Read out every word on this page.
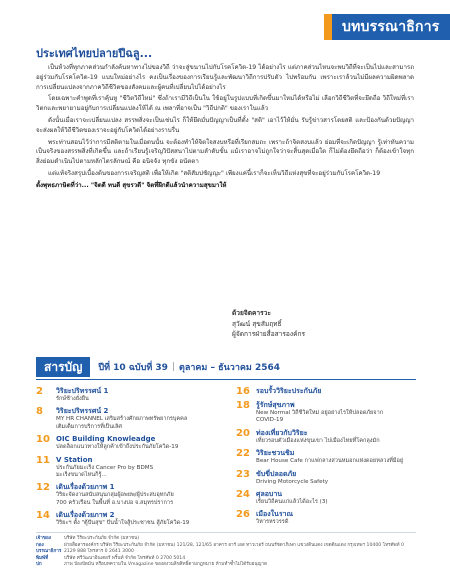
บทบรรณาธิการ
ประเทศไทยปลายปีฉลู...

เป็นห้วงที่ทุกภาคส่วนกำลังค้นหาทางไปของวิถี ว่าจะสู่ขนานไปกับโรคโควิด-19 ได้อย่างไร แต่ภาคส่วนไหนจะพบวิถีที่จะเป็นไปและสามารถอยู่ร่วมกับโรคโควิด-19 แบบใหม่อย่างไร คงเป็นเรื่องของการเรียนรู้และพัฒนาวิถีการปรับตัว ไปพร้อมกัน เพราะเราล้วนไม่มีผลความผิดพลาด การเปลี่ยนแปลงจากภาควิถีชีวิตของสังคมและผู้คนที่เปลี่ยนไปได้อย่างไร

โดยเฉพาะคำพูดที่เราคุ้นหู "ชีวิตวิถีใหม่" ซึ่งถ้าเรามีวิถีเป็นใน ใช้อยู่ในรูปแบบที่เกิดขึ้นมาใหม่ได้หรือไม่ เลือกวิถีชีวิตที่จะยึดถือ วิถีใหม่ที่เราวิตกและพยายามอยู่กับการเปลี่ยนแปลงให้ได้ ณ เพลาที่อาจเป็น "วิถีปกติ" ของเราในแล้ว

ดังนั้นเมื่อเราจะเปลี่ยนแปลง สรรพสิ่งจะเป็นเช่นไร ก็ให้ยึดมั่นปัญญาเป็นที่ตั้ง "สติ" เอาไว้ให้มั่น รับรู้ข่าวสารโดยสติ และป้องกันด้วยปัญญา จะส่งผลให้วิถีชีวิตของเราจะอยู่กับโควิดได้อย่างราบรื่น

พระท่านสอนไว้ว่าการมีสติตามในเมื่อตนนั้น จะต้องทำให้จิตใจสงบหรือที่เรียกสมถะ เพราะถ้าจิตสงบแล้ว ย่อมที่จะเกิดปัญญา รู้เท่าทันความเป็นจริงของสรรพสิ่งที่เกิดขึ้น และถ้าเรียนรู้เจริญวิปัสสนาไปตามลำดับขั้น แม้เราอาจไม่ถูกใจว่าจะสิ้นสุดเมื่อใด ก็ไม่ต้องยึดถือว่า ก็ต้องเข้าใจทุกสิ่งย่อมดำเนินไปตามหลักไตรลักษณ์ คือ อนิจจัง ทุกขัง อนัตตา

แต่แท้จริงสรุปเบื้องต้นของการเจริญสติ เพื่อให้เกิด "สติสัมปชัญญะ" เพียงแค่นี้เราก็จะเห็นวิถีแห่งสุขที่จะอยู่ร่วมกับโรคโควิด-19

ตั้งพุทธภาษิตที่ว่า... "จิตดี ทนดี สุขรวดี" จิตที่ฝึกดีแล้วนำความสุขมาให้

ด้วยจิตคารวะ
สุวัฒน์ สุขสัมฤทธิ์
ผู้จัดการฝ่ายสื่อสารองค์กร
สารบัญ	ปีที่ 10 ฉบับที่ 39 | ตุลาคม – ธันวาคม 2564
2	วิริยะปริทรรศน์ 1
รักษ์ช้างยั่งยืน
8	วิริยะปริทรรศน์ 2
MY HR CHANNEL เสริมสร้างศักยภาพทรัพยากรบุคคล
เติมเต็มการบริการที่เป็นเลิศ
10 OIC Building Knowleadge
ปลดล็อกแนวทางให้ลูกค้าเข้าถึงประกันภัยโควิด-19
11 V Station
ประกันภัยมะเร็ง Cancer Pro by BDMS
มะเร็งขนาดไหนก็รู้...
12 เดินเรื่องด้วยภาพ 1
วิริยะจัดงานสนับสนุนกลุ่มผู้อพยพ/ผู้ประสบอุทกภัย
700 ครัวเรือน ในพื้นที่ อ.บางบ่อ จ.สมุทรปราการ
14 เดินเรื่องด้วยภาพ 2
วิริยะฯ ตั้ง "ตู้ปันสุข" ปันน้ำใจสู้ประชาชน สู้ภัยโควิด-19
16 รอบรั้ววิริยะประกันภัย
18 รู้รักษ์สุขภาพ
New Normal วิถีชีวิตใหม่ อยู่อย่างไรให้ปลอดภัยจาก
COVID-19
20 ท่องเที่ยวกับวิริยะ
เที่ยวรอบตัวเมืองแห่งขุนเขา ไปเมืองไทยที่โคกลุงมัก
22 วิริยะชวนชิม
Bear House Cafe กาแฟกลางสวนหมอกแห่งดอยหลวงที่มีอยู่
23 ขับขี่ปลอดภัย
Driving Motorcycle Safety
24 ศุลอบาน
เรียนวิถีคนแก่แล้วได้อะไร (3)
26 เมืองในราณ
วิหารหรวรรดิ
เจ้าของ	บริษัท วิริยะประกันภัย จำกัด (มหาชน)
กองบรรณาธิการ
ฝ่ายสื่อสารองค์กร บริษัท วิริยะประกันภัย จำกัด (มหาชน) 121/28, 121/65 อาคาร อาร์ เอส ทาวเวอร์ ถนนรัชดาภิเษก แขวงดินแดง เขตดินแดง กรุงเทพฯ 10400 โทรศัพท์ 0 2129 888 โทรสาร 0 2641 3000
พิมพ์ที่	บริษัท ศรีวัฒนาอินเตอร์ พริ้นท์ จำกัด โทรศัพท์ 0 2700 5014
ปก	ภาพ ป้องปัดมัน หรือบทความใน Vmagazine ของสงวนลิขสิทธิ์ตามกฎหมาย ห้ามทำซ้ำไม่ได้รับอนุญาต
